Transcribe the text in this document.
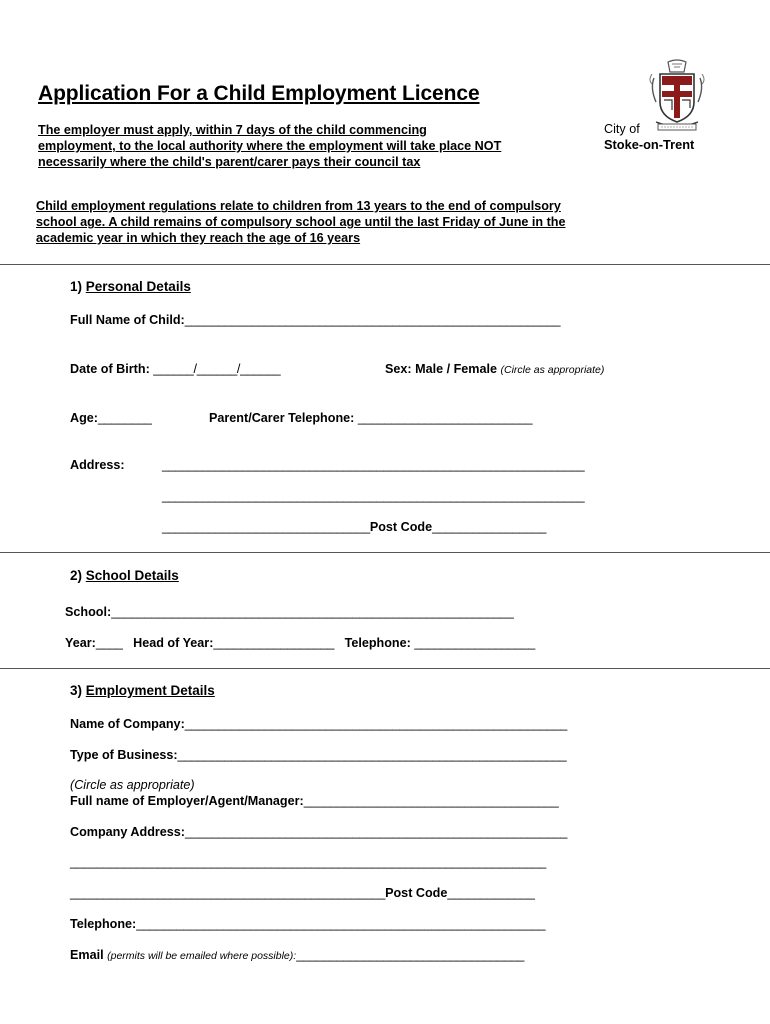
Application For a Child Employment Licence
The employer must apply, within 7 days of the child commencing
employment, to the local authority where the employment will take place NOT
necessarily where the child's parent/carer pays their council tax
City of
Stoke-on-Trent
Child employment regulations relate to children from 13 years to the end of compulsory
school age. A child remains of compulsory school age until the last Friday of June in the
academic year in which they reach the age of 16 years
1) Personal Details
Full Name of Child:________________________________________________________
Date of Birth: ______/______/______	Sex: Male / Female (Circle as appropriate)
Age:________	Parent/Carer Telephone: __________________________
Address:	_______________________________________________________________
_______________________________________________________________
_______________________________Post Code_________________
2) School Details
School:____________________________________________________________
Year:____ Head of Year:__________________ Telephone: __________________
3) Employment Details
Name of Company:_________________________________________________________
Type of Business:__________________________________________________________
(Circle as appropriate)
Full name of Employer/Agent/Manager:______________________________________
Company Address:_________________________________________________________
_______________________________________________________________________
_______________________________________________Post Code_____________
Telephone:_____________________________________________________________
Email (permits will be emailed where possible):__________________________________
